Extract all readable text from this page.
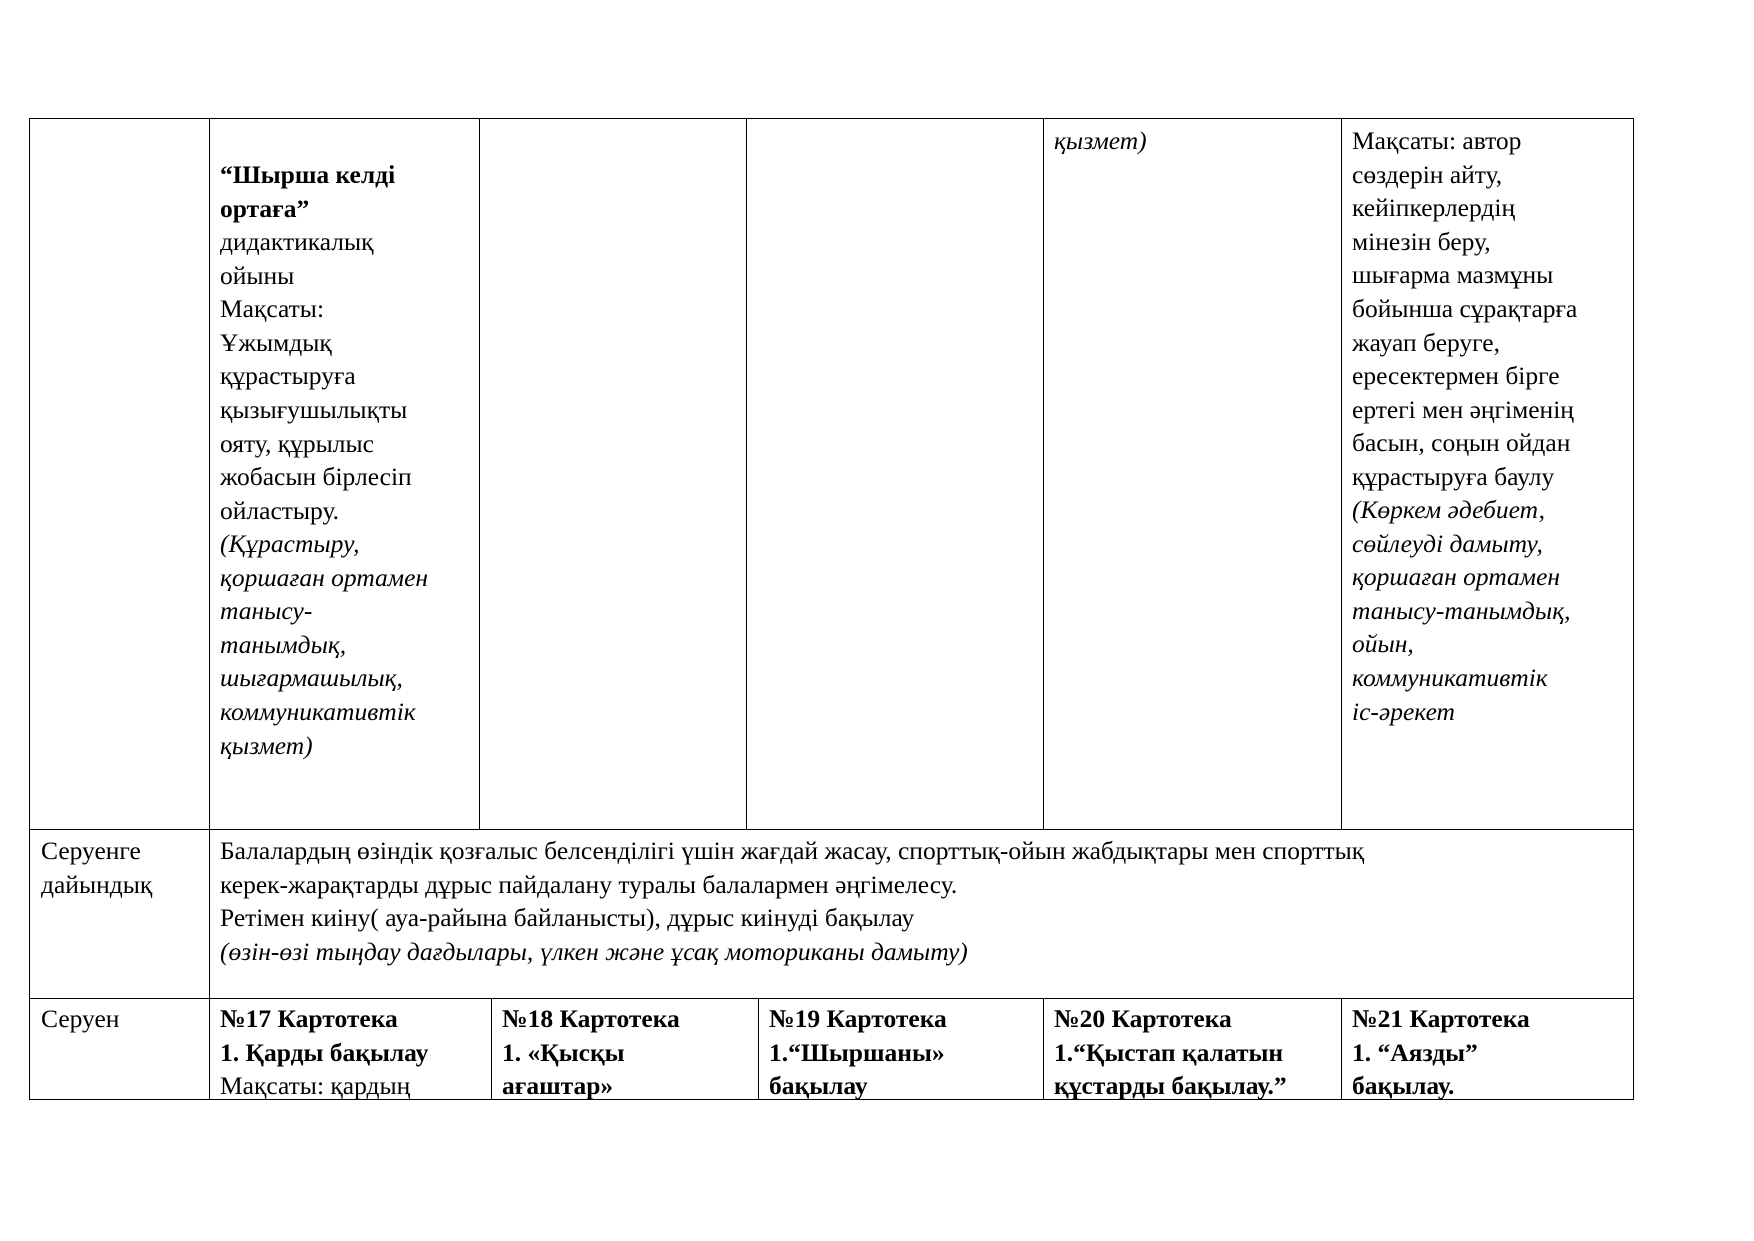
“Шырша келді
ортаға”
дидактикалық
ойыны
Мақсаты:
Ұжымдық
құрастыруға
қызығушылықты
ояту, құрылыс
жобасын бірлесіп
ойластыру.
(Құрастыру,
қоршаған ортамен
танысу-
танымдық,
шығармашылық,
коммуникативтік
қызмет)
қызмет)	Мақсаты: автор
сөздерін айту,
кейіпкерлердің
мінезін беру,
шығарма мазмұны
бойынша сұрақтарға
жауап беруге,
ересектермен бірге
ертегі мен әңгіменің
басын, соңын ойдан
құрастыруға баулу
(Көркем әдебиет,
сөйлеуді дамыту,
қоршаған ортамен
танысу-танымдық,
ойын,
коммуникативтік
іс-әрекет
Серуенге
дайындық
Балалардың өзіндік қозғалыс белсенділігі үшін жағдай жасау, спорттық-ойын жабдықтары мен спорттық
керек-жарақтарды дұрыс пайдалану туралы балалармен әңгімелесу.
Ретімен киіну( ауа-райына байланысты), дұрыс киінуді бақылау
(өзін-өзі тыңдау дағдылары, үлкен және ұсақ моториканы дамыту)
Серуен	№17 Картотека
1. Қарды бақылау
Мақсаты: қардың
№18 Картотека
1. «Қысқы
ағаштар»
№19 Картотека
1.“Шыршаны»
бақылау
№20 Картотека
1.“Қыстап қалатын
құстарды бақылау.”
№21 Картотека
1. “Аязды”
бақылау.
